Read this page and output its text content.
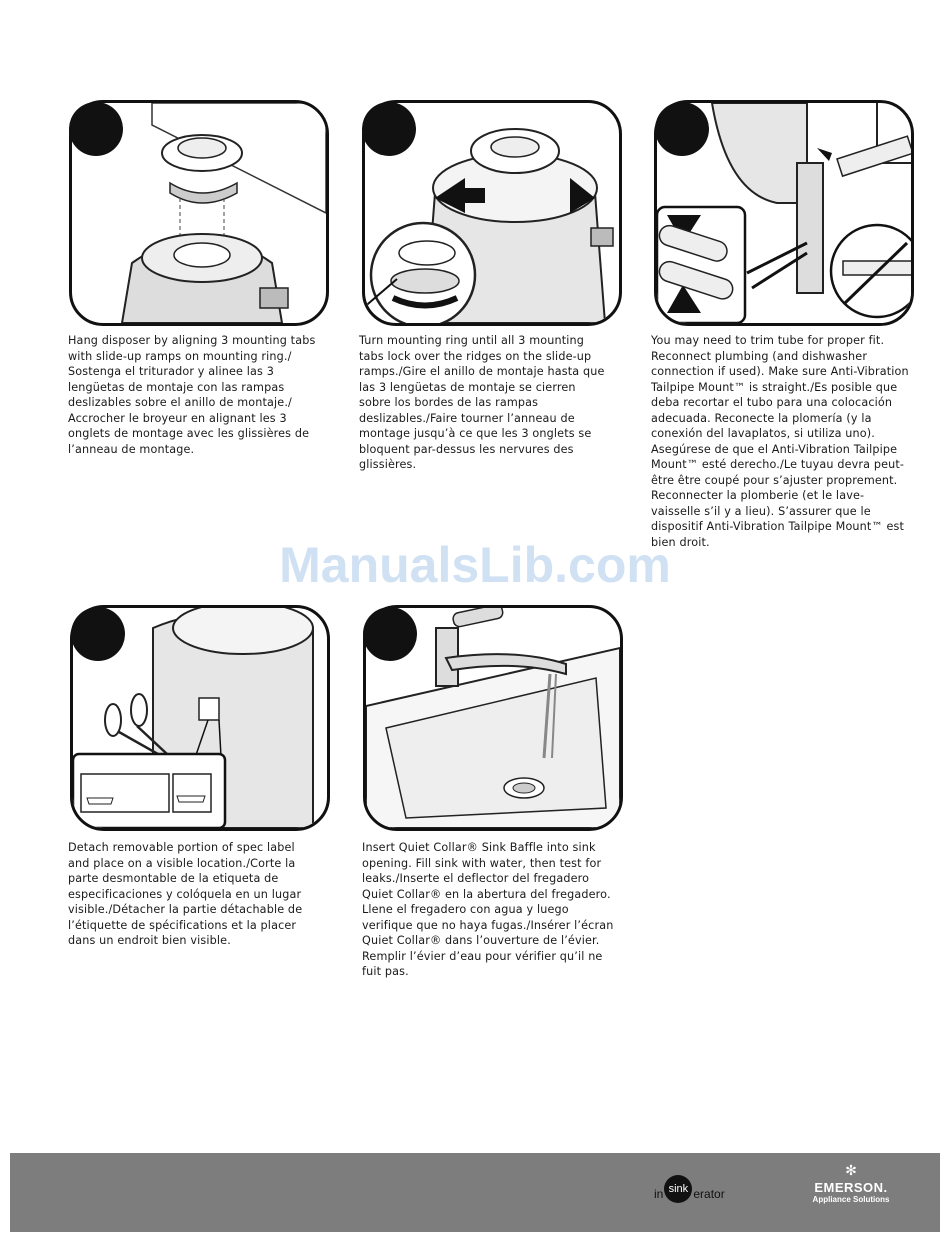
Hang disposer by aligning 3 mounting tabs with slide-up ramps on mounting ring./ Sostenga el triturador y alinee las 3 lengüetas de montaje con las rampas deslizables sobre el anillo de montaje./ Accrocher le broyeur en alignant les 3 onglets de montage avec les glissières de l’anneau de montage.
Turn mounting ring until all 3 mounting tabs lock over the ridges on the slide-up ramps./Gire el anillo de montaje hasta que las 3 lengüetas de montaje se cierren sobre los bordes de las rampas deslizables./Faire tourner l’anneau de montage jusqu’à ce que les 3 onglets se bloquent par-dessus les nervures des glissières.
You may need to trim tube for proper fit. Reconnect plumbing (and dishwasher connection if used). Make sure Anti-Vibration Tailpipe Mount™ is straight./Es posible que deba recortar el tubo para una colocación adecuada. Reconecte la plomería (y la conexión del lavaplatos, si utiliza uno). Asegúrese de que el Anti-Vibration Tailpipe Mount™ esté derecho./Le tuyau devra peut-être être coupé pour s’ajuster proprement. Reconnecter la plomberie (et le lave-vaisselle s’il y a lieu). S’assurer que le dispositif Anti-Vibration Tailpipe Mount™ est bien droit.
ManualsLib.com
Detach removable portion of spec label and place on a visible location./Corte la parte desmontable de la etiqueta de especificaciones y colóquela en un lugar visible./Détacher la partie détachable de l’étiquette de spécifications et la placer dans un endroit bien visible.
Insert Quiet Collar® Sink Baffle into sink opening. Fill sink with water, then test for leaks./Inserte el deflector del fregadero Quiet Collar® en la abertura del fregadero. Llene el fregadero con agua y luego verifique que no haya fugas./Insérer l’écran Quiet Collar® dans l’ouverture de l’évier. Remplir l’évier d’eau pour vérifier qu’il ne fuit pas.
in sink erator
✻
EMERSON.
Appliance Solutions
